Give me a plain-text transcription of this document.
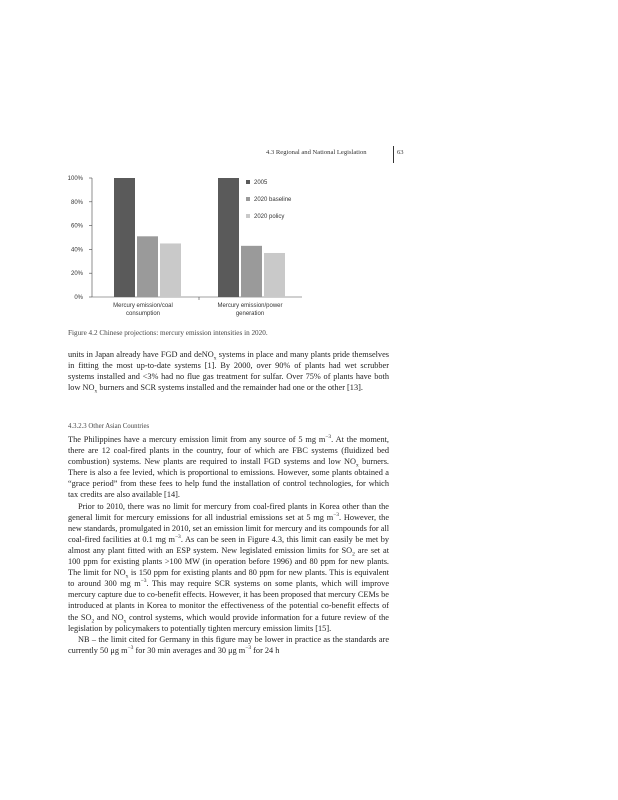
4.3 Regional and National Legislation	63
0%
20%
40%
60%
80%
100%
Mercury emission/coal
consumption
Mercury emission/power
generation
2005
2020 baseline
2020 policy
Figure 4.2 Chinese projections: mercury emission intensities in 2020.

units in Japan already have FGD and deNO$_x$ systems in place and many plants pride themselves in fitting the most up-to-date systems [1]. By 2000, over 90% of plants had wet scrubber systems installed and <3% had no flue gas treatment for sulfar. Over 75% of plants have both low $NO_x$ burners and SCR systems installed and the remainder had one or the other [13].

4.3.2.3 Other Asian Countries

The Philippines have a mercury emission limit from any source of 5 mg $m^{-3}$. At the moment, there are 12 coal-fired plants in the country, four of which are FBC systems (fluidized bed combustion) systems. New plants are required to install FGD systems and low $NO_x$ burners. There is also a fee levied, which is proportional to emissions. However, some plants obtained a “grace period” from these fees to help fund the installation of control technologies, for which tax credits are also available [14].

Prior to 2010, there was no limit for mercury from coal-fired plants in Korea other than the general limit for mercury emissions for all industrial emissions set at 5 mg $m^{-3}$. However, the new standards, promulgated in 2010, set an emission limit for mercury and its compounds for all coal-fired facilities at 0.1 mg $m^{-3}$. As can be seen in Figure 4.3, this limit can easily be met by almost any plant fitted with an ESP system. New legislated emission limits for $SO_2$ are set at 100 ppm for existing plants >100 MW (in operation before 1996) and 80 ppm for new plants. The limit for $NO_x$ is 150 ppm for existing plants and 80 ppm for new plants. This is equivalent to around 300 mg $m^{-3}$. This may require SCR systems on some plants, which will improve mercury capture due to co-benefit effects. However, it has been proposed that mercury CEMs be introduced at plants in Korea to monitor the effectiveness of the potential co-benefit effects of the $SO_2$ and $NO_x$ control systems, which would provide information for a future review of the legislation by policymakers to potentially tighten mercury emission limits [15].

NB – the limit cited for Germany in this figure may be lower in practice as the standards are currently 50 μg $m^{-3}$ for 30 min averages and 30 μg $m^{-3}$ for 24 h
